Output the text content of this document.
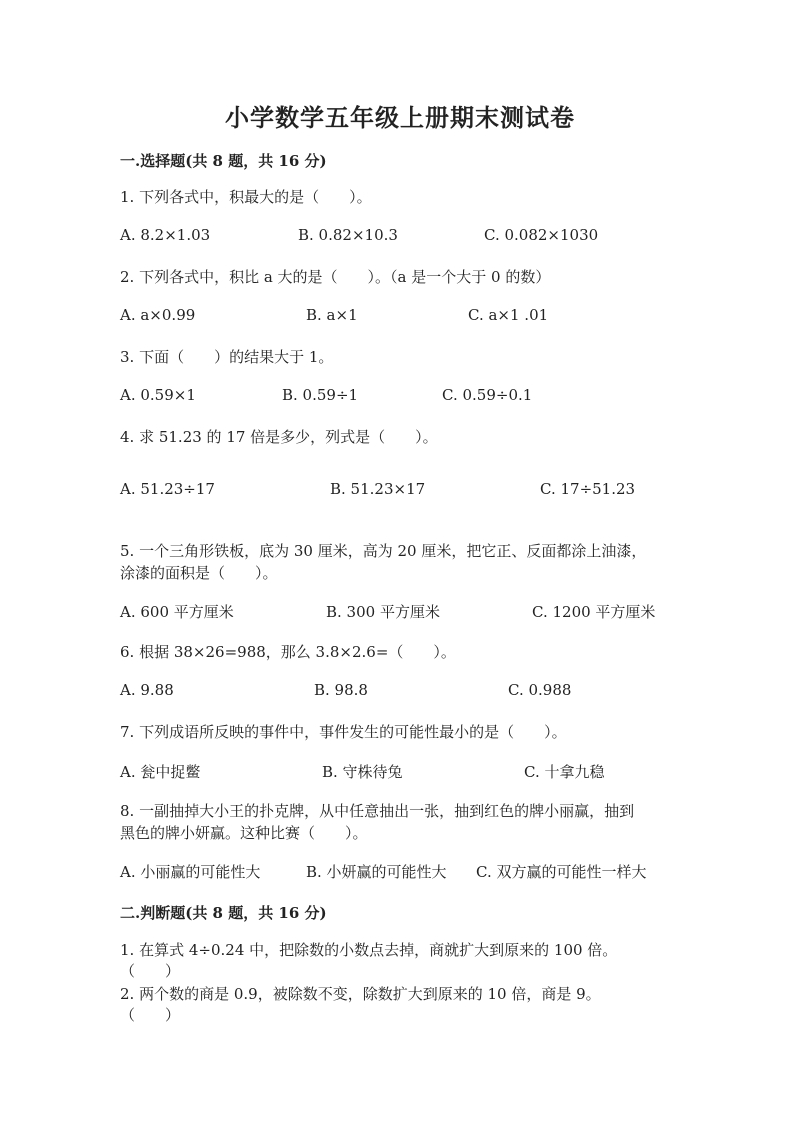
小学数学五年级上册期末测试卷
一.选择题(共 8 题，共 16 分)
1. 下列各式中，积最大的是（　　）。
A. 8.2×1.03	B. 0.82×10.3	C. 0.082×1030
2. 下列各式中，积比 a 大的是（　　）。（a 是一个大于 0 的数）
A. a×0.99	B. a×1	C. a×1 .01
3. 下面（　　）的结果大于 1。
A. 0.59×1	B. 0.59÷1	C. 0.59÷0.1
4. 求 51.23 的 17 倍是多少，列式是（　　）。
A. 51.23÷17	B. 51.23×17	C. 17÷51.23
5. 一个三角形铁板，底为 30 厘米，高为 20 厘米，把它正、反面都涂上油漆，
涂漆的面积是（　　）。
A. 600 平方厘米	B. 300 平方厘米	C. 1200 平方厘米
6. 根据 38×26=988，那么 3.8×2.6=（　　）。
A. 9.88	B. 98.8	C. 0.988
7. 下列成语所反映的事件中，事件发生的可能性最小的是（　　）。
A. 瓮中捉鳖	B. 守株待兔	C. 十拿九稳
8. 一副抽掉大小王的扑克牌，从中任意抽出一张，抽到红色的牌小丽赢，抽到
黑色的牌小妍赢。这种比赛（　　）。
A. 小丽赢的可能性大	B. 小妍赢的可能性大 C. 双方赢的可能性一样大
二.判断题(共 8 题，共 16 分)
1. 在算式 4÷0.24 中，把除数的小数点去掉，商就扩大到原来的 100 倍。
（　　）
2. 两个数的商是 0.9，被除数不变，除数扩大到原来的 10 倍，商是 9。
（　　）
